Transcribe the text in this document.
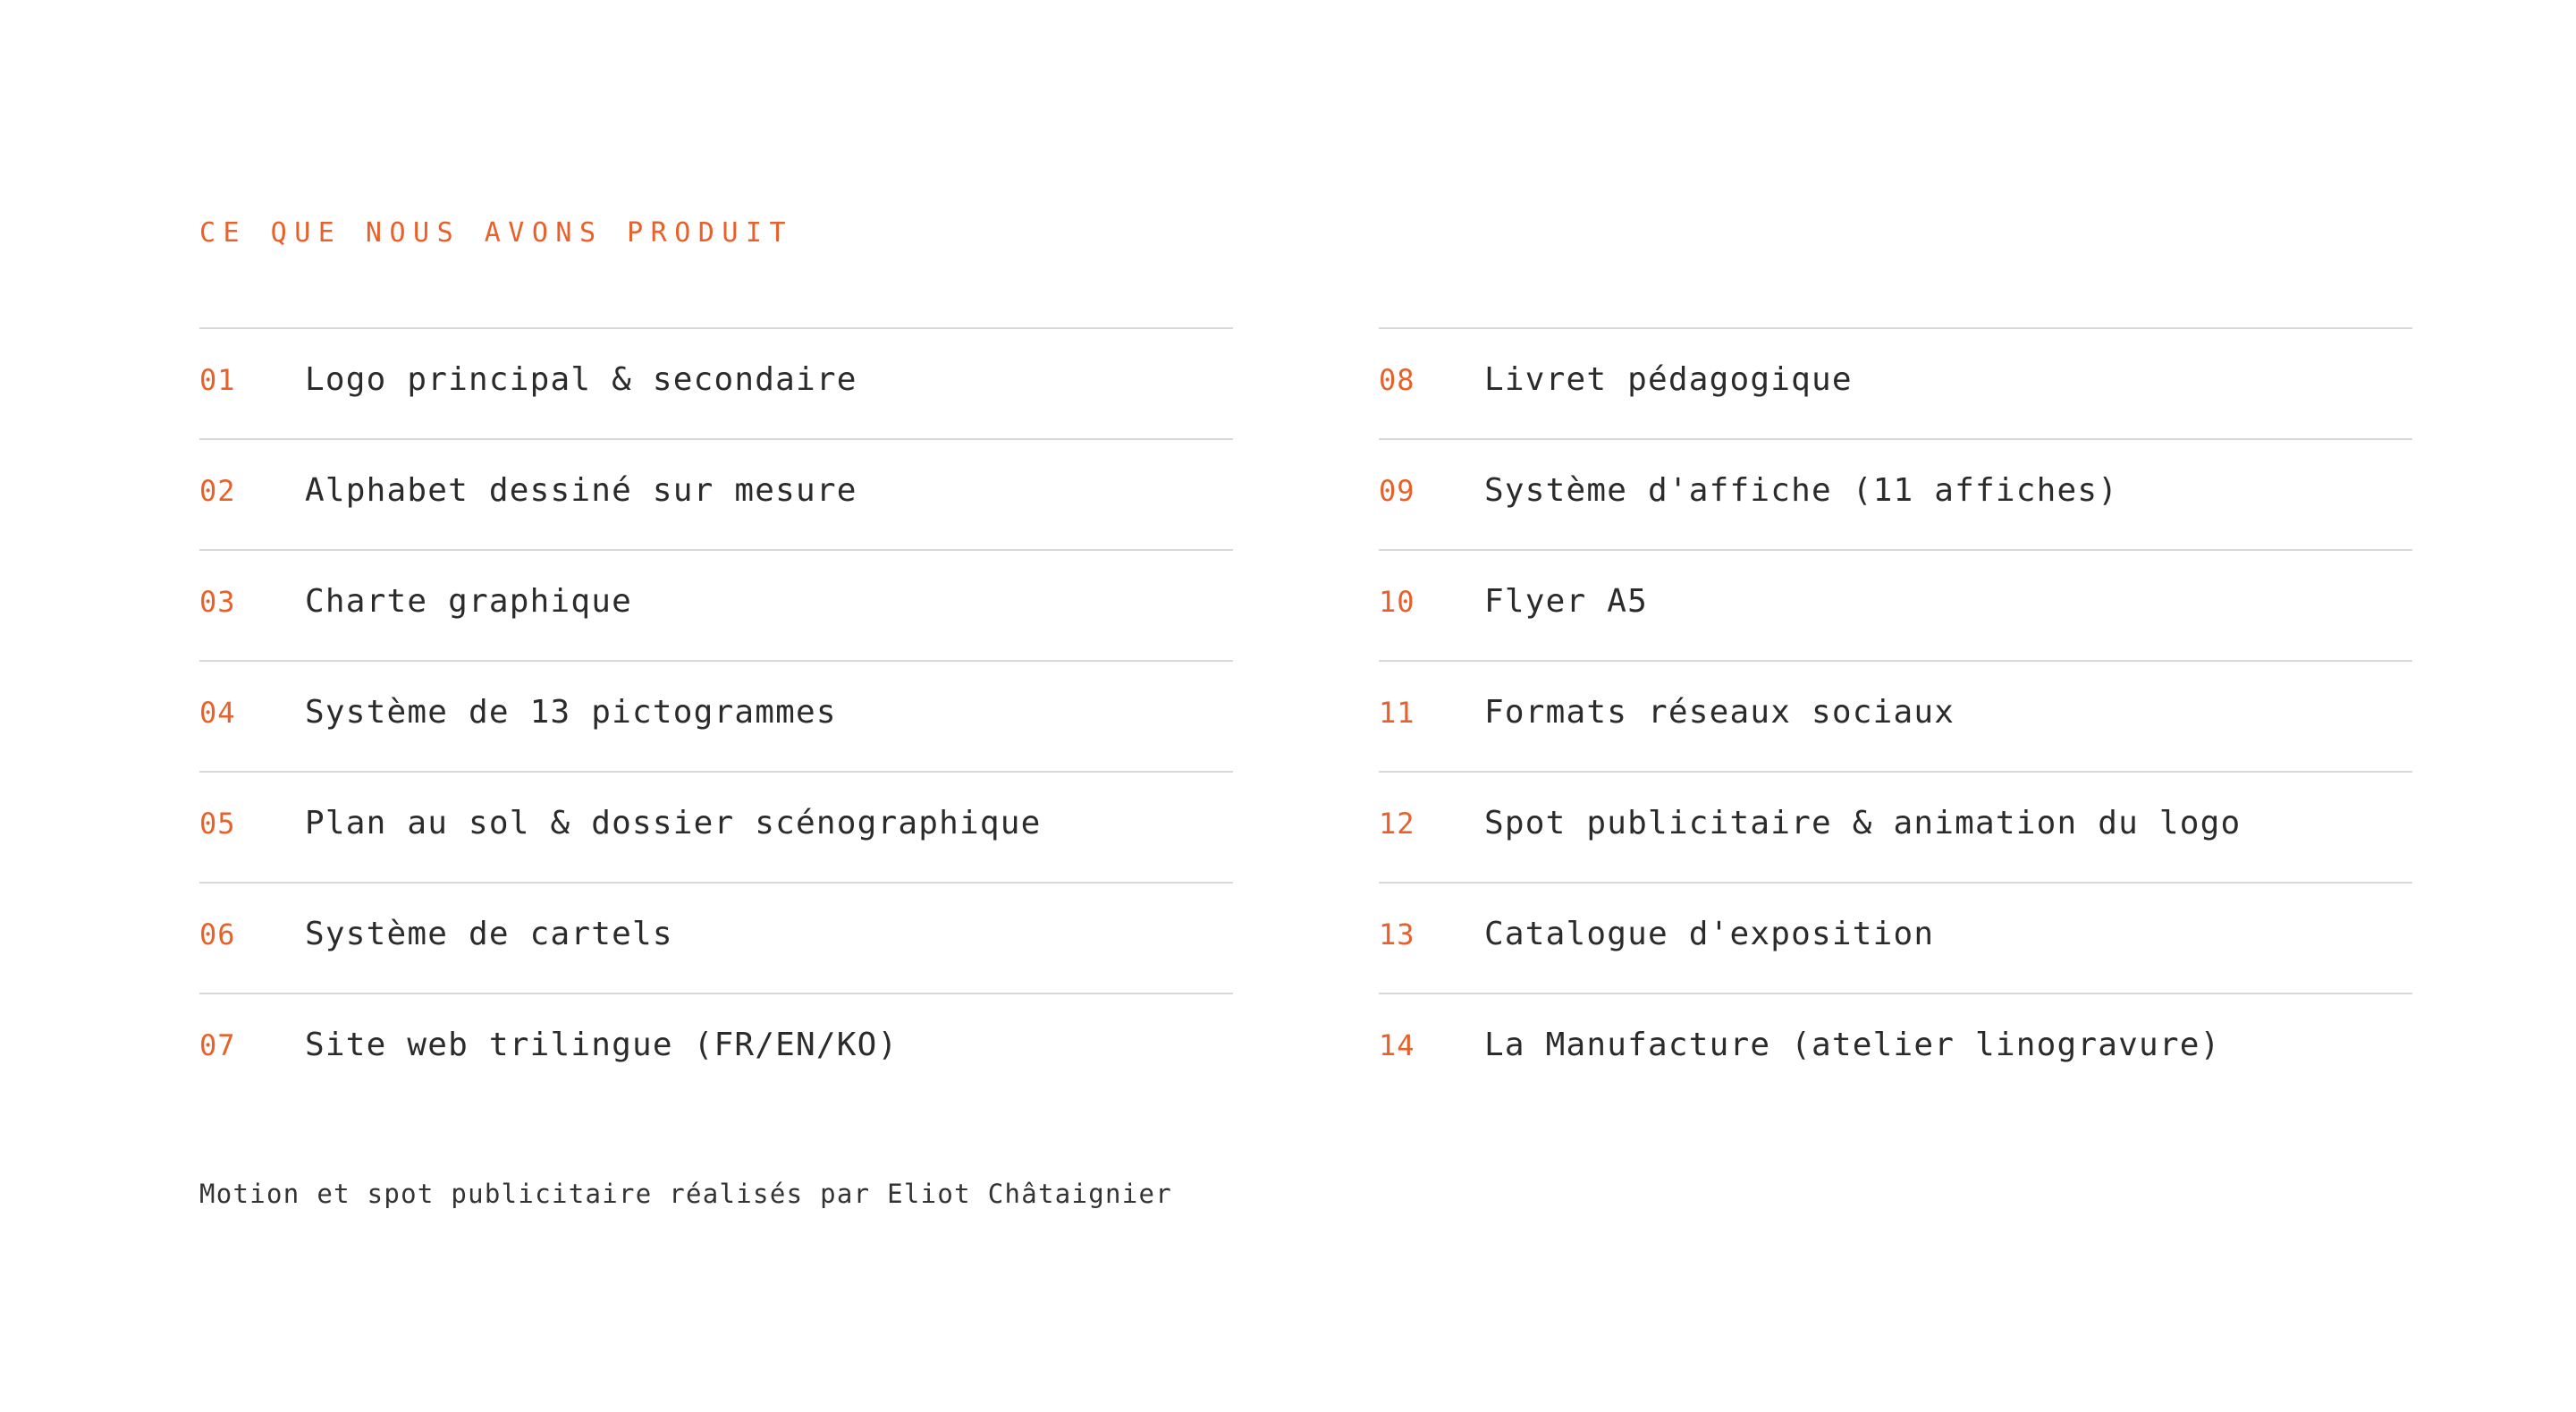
CE QUE NOUS AVONS PRODUIT
01 Logo principal & secondaire
02 Alphabet dessiné sur mesure
03 Charte graphique
04 Système de 13 pictogrammes
05 Plan au sol & dossier scénographique
06 Système de cartels
07 Site web trilingue (FR/EN/KO)
08 Livret pédagogique
09 Système d'affiche (11 affiches)
10 Flyer A5
11 Formats réseaux sociaux
12 Spot publicitaire & animation du logo
13 Catalogue d'exposition
14 La Manufacture (atelier linogravure)
Motion et spot publicitaire réalisés par Eliot Châtaignier
